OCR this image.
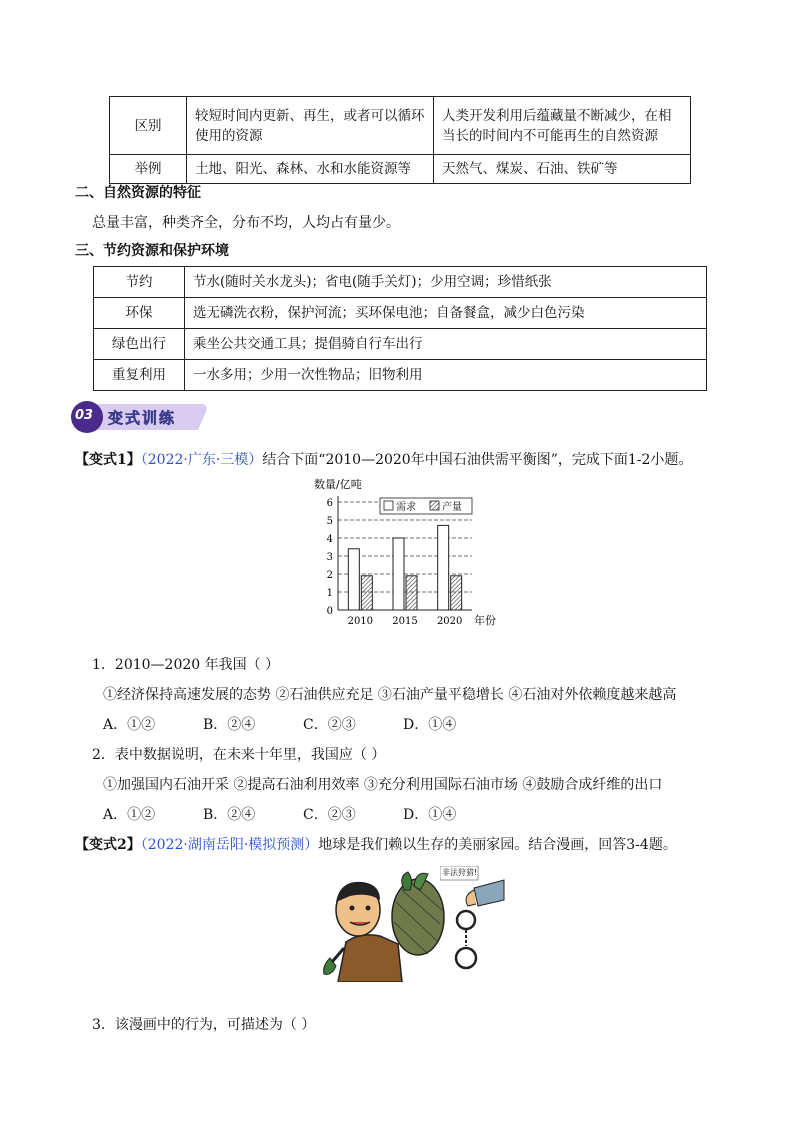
区别	较短时间内更新、再生，或者可以循环使用的资源	人类开发利用后蕴藏量不断减少，在相当长的时间内不可能再生的自然资源
举例	土地、阳光、森林、水和水能资源等	天然气、煤炭、石油、铁矿等
二、自然资源的特征
总量丰富，种类齐全，分布不均，人均占有量少。
三、节约资源和保护环境
节约	节水(随时关水龙头)；省电(随手关灯)；少用空调；珍惜纸张
环保	选无磷洗衣粉，保护河流；买环保电池；自备餐盒，减少白色污染
绿色出行	乘坐公共交通工具；提倡骑自行车出行
重复利用	一水多用；少用一次性物品；旧物利用
03 变式训练
【变式1】（2022·广东·三模）结合下面“2010—2020年中国石油供需平衡图”，完成下面1-2小题。
数量/亿吨
0
1
2
3
4
5
6
2010 2015 2020 年份
需求	产量
1．2010—2020 年我国（ ）
①经济保持高速发展的态势 ②石油供应充足 ③石油产量平稳增长 ④石油对外依赖度越来越高
A．①②	B．②④	C．②③	D．①④
2．表中数据说明，在未来十年里，我国应（ ）
①加强国内石油开采 ②提高石油利用效率 ③充分利用国际石油市场 ④鼓励合成纤维的出口
A．①②	B．②④	C．②③	D．①④
【变式2】（2022·湖南岳阳·模拟预测）地球是我们赖以生存的美丽家园。结合漫画，回答3-4题。
非法狩猎!
3．该漫画中的行为，可描述为（ ）
